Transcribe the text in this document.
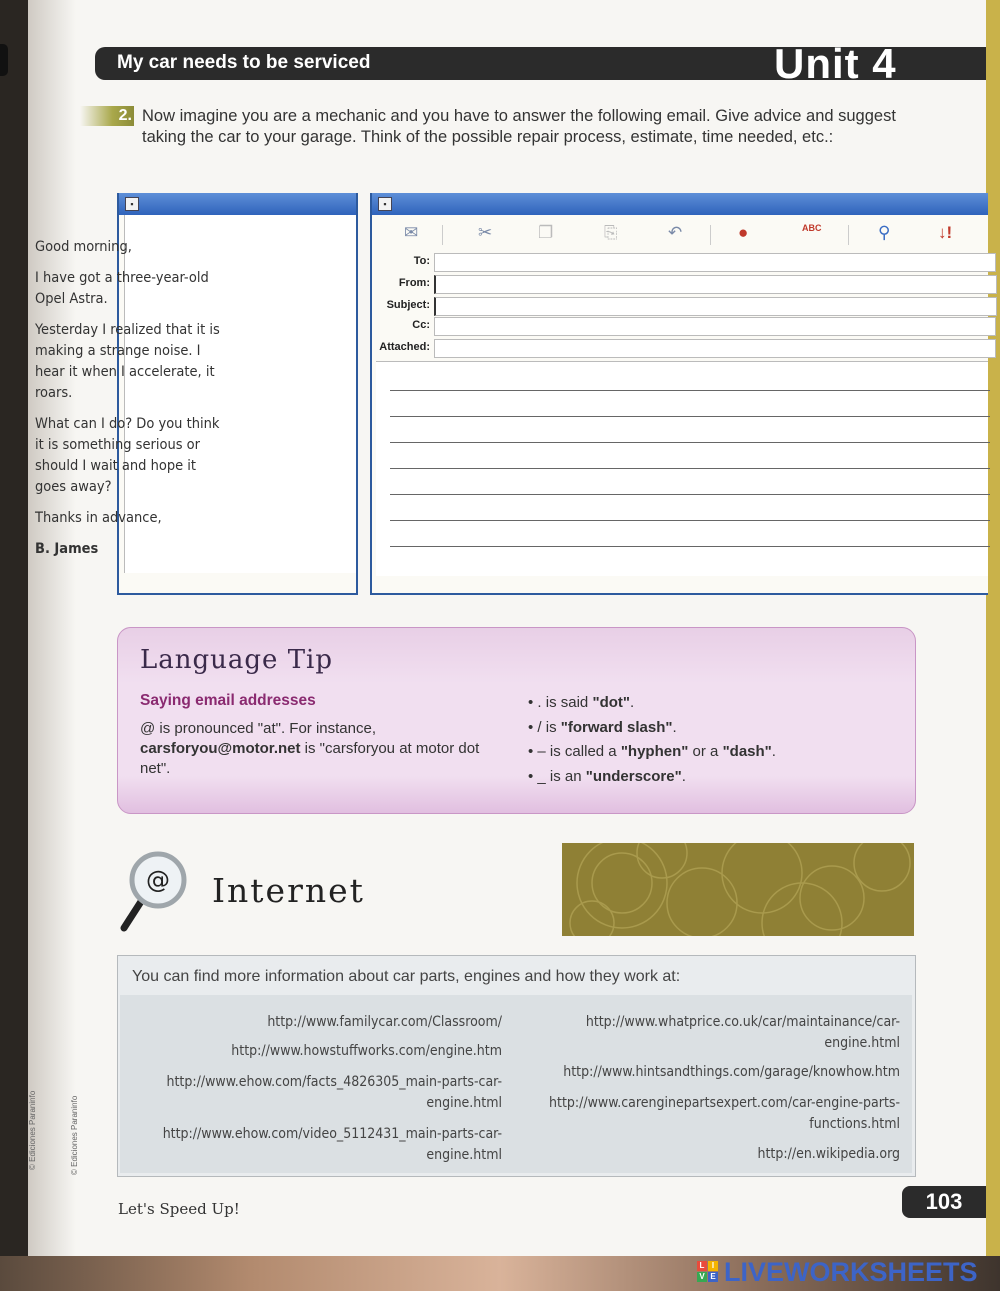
My car needs to be serviced	Unit 4
2. Now imagine you are a mechanic and you have to answer the following email. Give advice and suggest taking the car to your garage. Think of the possible repair process, estimate, time needed, etc.:
▪

Good morning,

I have got a three-year-old Opel Astra.

Yesterday I realized that it is making a strange noise. I hear it when I accelerate, it roars.

What can I do? Do you think it is something serious or should I wait and hope it goes away?

Thanks in advance,

B. James

▪
✉	✂	❐	⎘	↶	●	ABC	⚲	↓!
To:
From:
Subject:
Cc:
Attached:
Language Tip
Saying email addresses
@ is pronounced "at". For instance, carsforyou@motor.net is "carsforyou at motor dot net".
• . is said "dot".
• / is "forward slash".
• – is called a "hyphen" or a "dash".
• _ is an "underscore".
@ Internet
You can find more information about car parts, engines and how they work at:
http://www.familycar.com/Classroom/
http://www.howstuffworks.com/engine.htm
http://www.ehow.com/facts_4826305_main-parts-car-engine.html
http://www.ehow.com/video_5112431_main-parts-car-engine.html
http://www.whatprice.co.uk/car/maintainance/car-engine.html
http://www.hintsandthings.com/garage/knowhow.htm
http://www.carenginepartsexpert.com/car-engine-parts-functions.html
http://en.wikipedia.org
Let's Speed Up!	103
© Ediciones Paraninfo	© Ediciones Paraninfo
L I
V E LIVEWORKSHEETS
